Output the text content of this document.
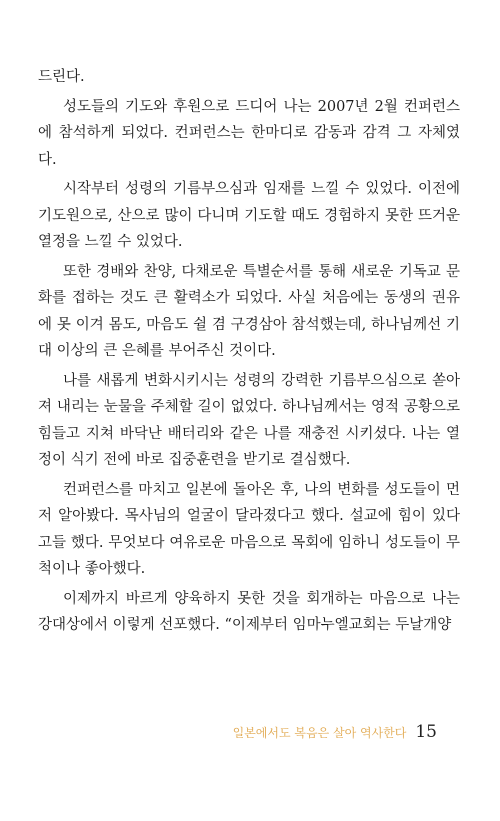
드린다.

성도들의 기도와 후원으로 드디어 나는 2007년 2월 컨퍼런스에 참석하게 되었다. 컨퍼런스는 한마디로 감동과 감격 그 자체였다.

시작부터 성령의 기름부으심과 임재를 느낄 수 있었다. 이전에 기도원으로, 산으로 많이 다니며 기도할 때도 경험하지 못한 뜨거운 열정을 느낄 수 있었다.

또한 경배와 찬양, 다채로운 특별순서를 통해 새로운 기독교 문화를 접하는 것도 큰 활력소가 되었다. 사실 처음에는 동생의 권유에 못 이겨 몸도, 마음도 쉴 겸 구경삼아 참석했는데, 하나님께선 기대 이상의 큰 은혜를 부어주신 것이다.

나를 새롭게 변화시키시는 성령의 강력한 기름부으심으로 쏟아져 내리는 눈물을 주체할 길이 없었다. 하나님께서는 영적 공황으로 힘들고 지쳐 바닥난 배터리와 같은 나를 재충전 시키셨다. 나는 열정이 식기 전에 바로 집중훈련을 받기로 결심했다.

컨퍼런스를 마치고 일본에 돌아온 후, 나의 변화를 성도들이 먼저 알아봤다. 목사님의 얼굴이 달라졌다고 했다. 설교에 힘이 있다고들 했다. 무엇보다 여유로운 마음으로 목회에 임하니 성도들이 무척이나 좋아했다.

이제까지 바르게 양육하지 못한 것을 회개하는 마음으로 나는 강대상에서 이렇게 선포했다. “이제부터 임마누엘교회는 두날개양

일본에서도 복음은 살아 역사한다 15
